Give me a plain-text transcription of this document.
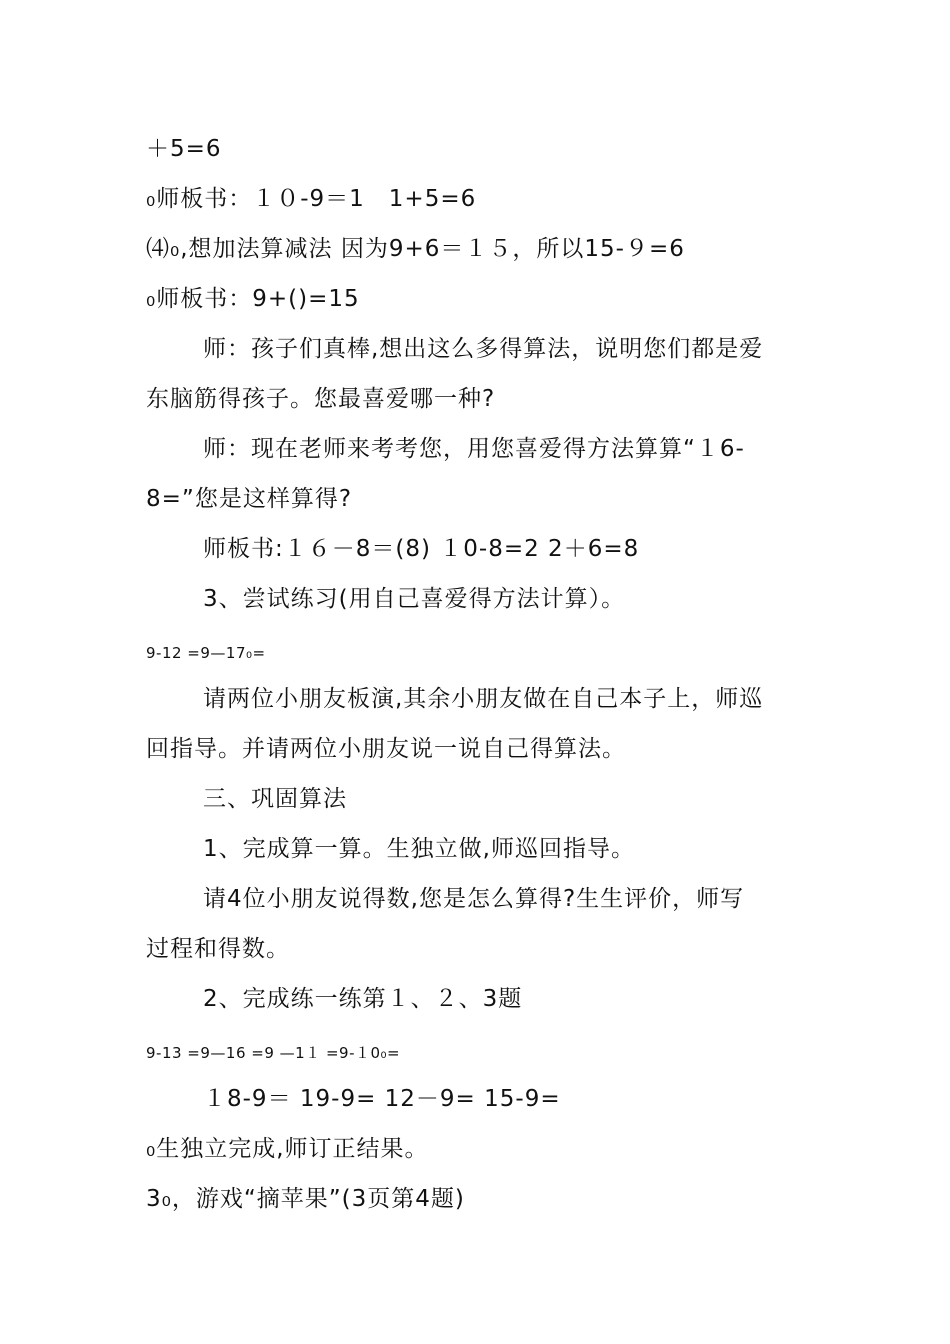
＋5=6
₀师板书：１０-9＝1　1+5=6
⑷₀,想加法算减法 因为9+6＝１５，所以15-９=6
₀师板书：9+()=15
师：孩子们真棒,想出这么多得算法，说明您们都是爱
东脑筋得孩子。您最喜爱哪一种?
师：现在老师来考考您，用您喜爱得方法算算“１6-
8=”您是这样算得?
师板书:１６－8＝(8) １0-8=2 2＋6=8
3、尝试练习(用自己喜爱得方法计算）。
9-12 =9—17₀=
请两位小朋友板演,其余小朋友做在自己本子上，师巡
回指导。并请两位小朋友说一说自己得算法。
三、巩固算法
1、完成算一算。生独立做,师巡回指导。
请4位小朋友说得数,您是怎么算得?生生评价，师写
过程和得数。
2、完成练一练第１、２、3题
9-13 =9—16 =9 —1１ =9-１0₀=
１8-9＝ 19-9= 12－9= 15-9=
₀生独立完成,师订正结果。
3₀，游戏“摘苹果”(3页第4题)
